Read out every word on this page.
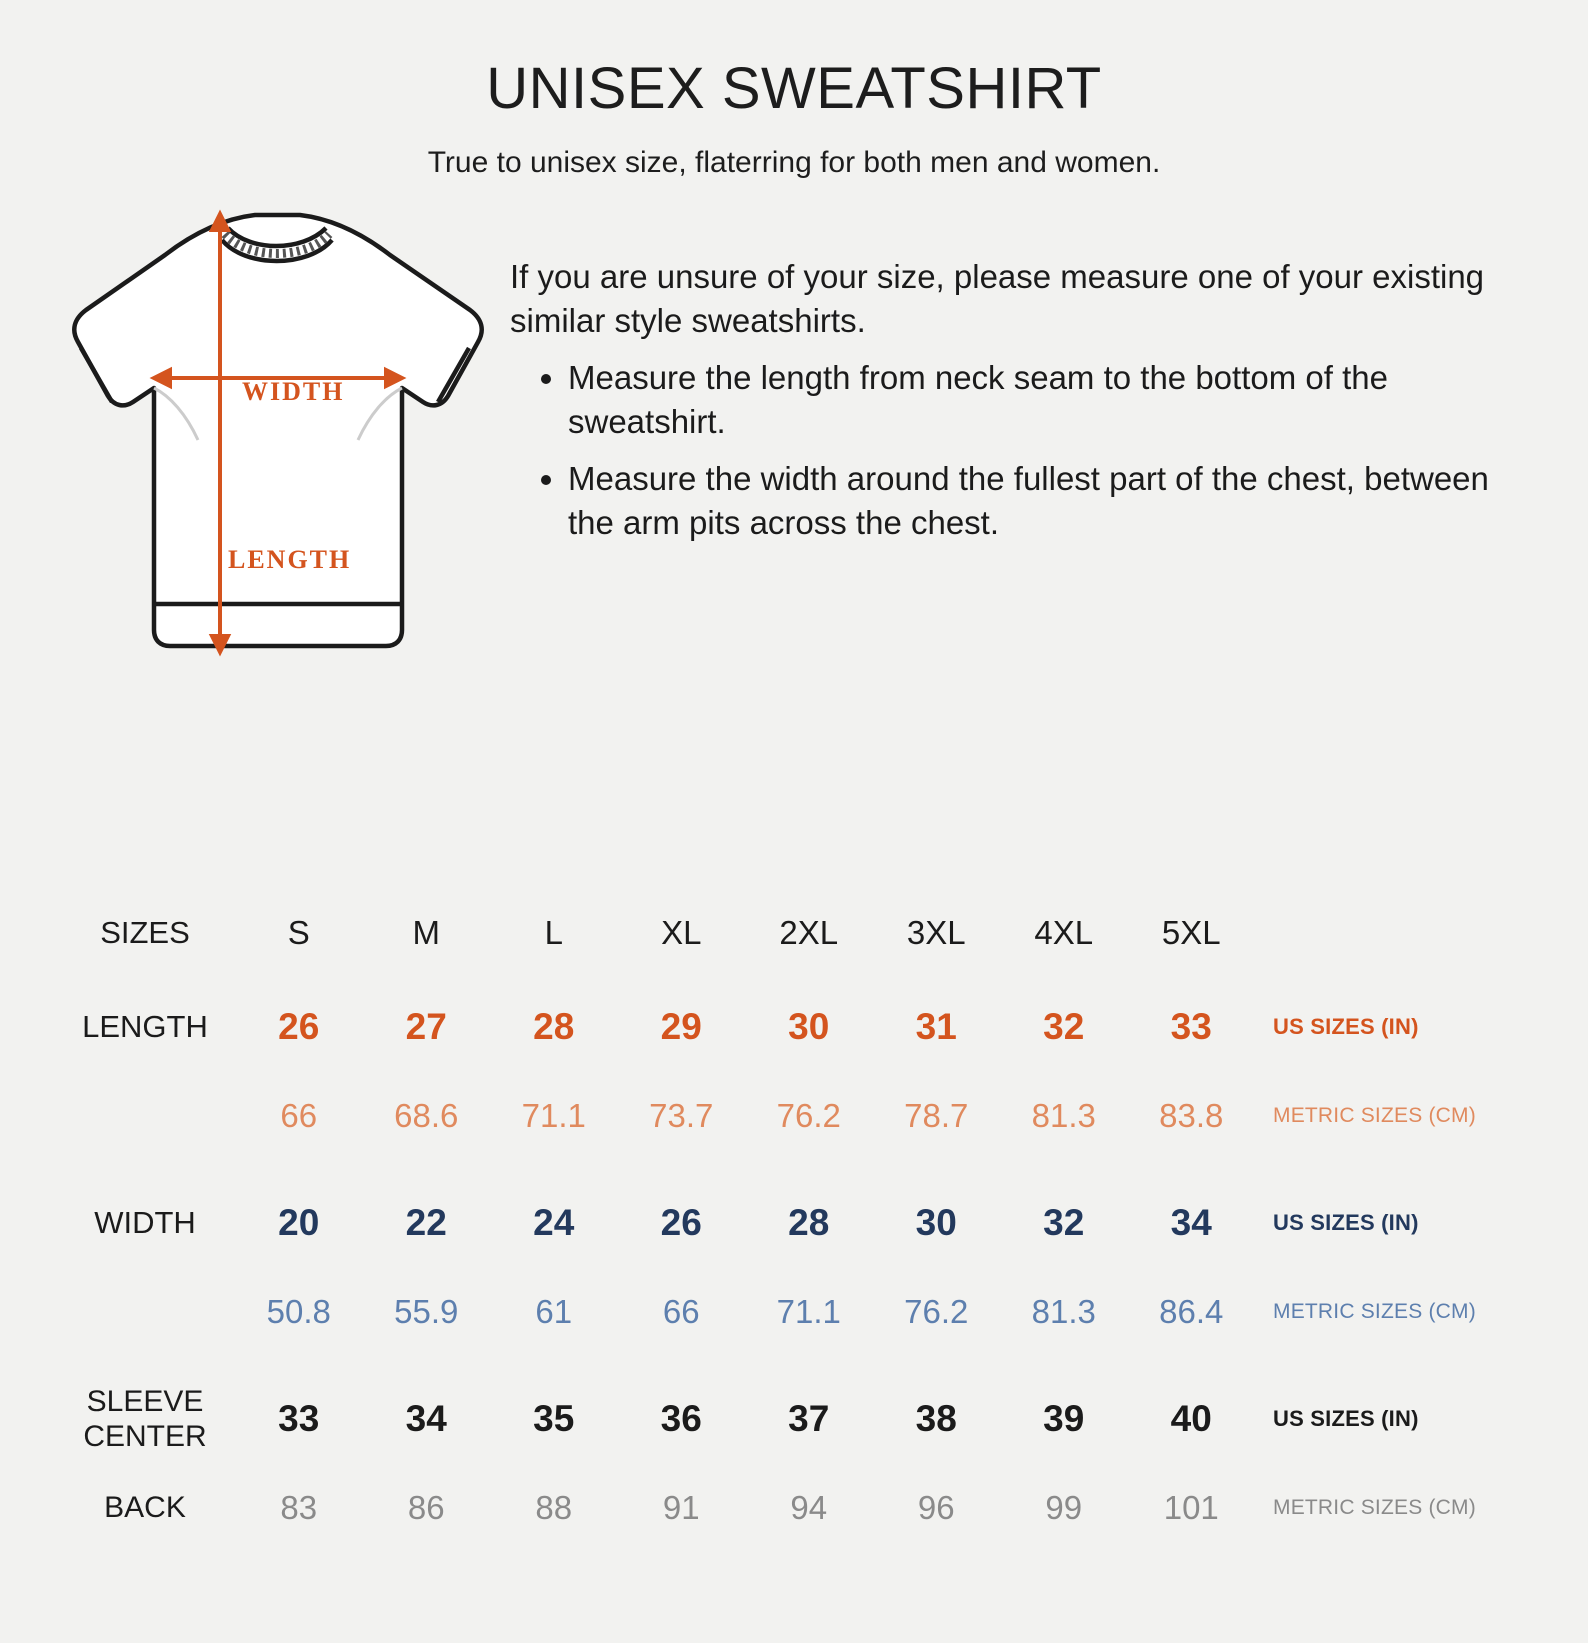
UNISEX SWEATSHIRT
True to unisex size, flaterring for both men and women.
WIDTH
LENGTH

If you are unsure of your size, please measure one of your existing similar style sweatshirts.

• Measure the length from neck seam to the bottom of the sweatshirt.
• Measure the width around the fullest part of the chest, between the arm pits across the chest.
SIZES	S	M	L	XL	2XL	3XL	4XL	5XL	
LENGTH	26	27	28	29	30	31	32	33	US SIZES (IN)
	66	68.6	71.1	73.7	76.2	78.7	81.3	83.8	METRIC SIZES (CM)

WIDTH	20	22	24	26	28	30	32	34	US SIZES (IN)
	50.8	55.9	61	66	71.1	76.2	81.3	86.4	METRIC SIZES (CM)

SLEEVE
CENTER	33	34	35	36	37	38	39	40	US SIZES (IN)
BACK	83	86	88	91	94	96	99	101	METRIC SIZES (CM)
